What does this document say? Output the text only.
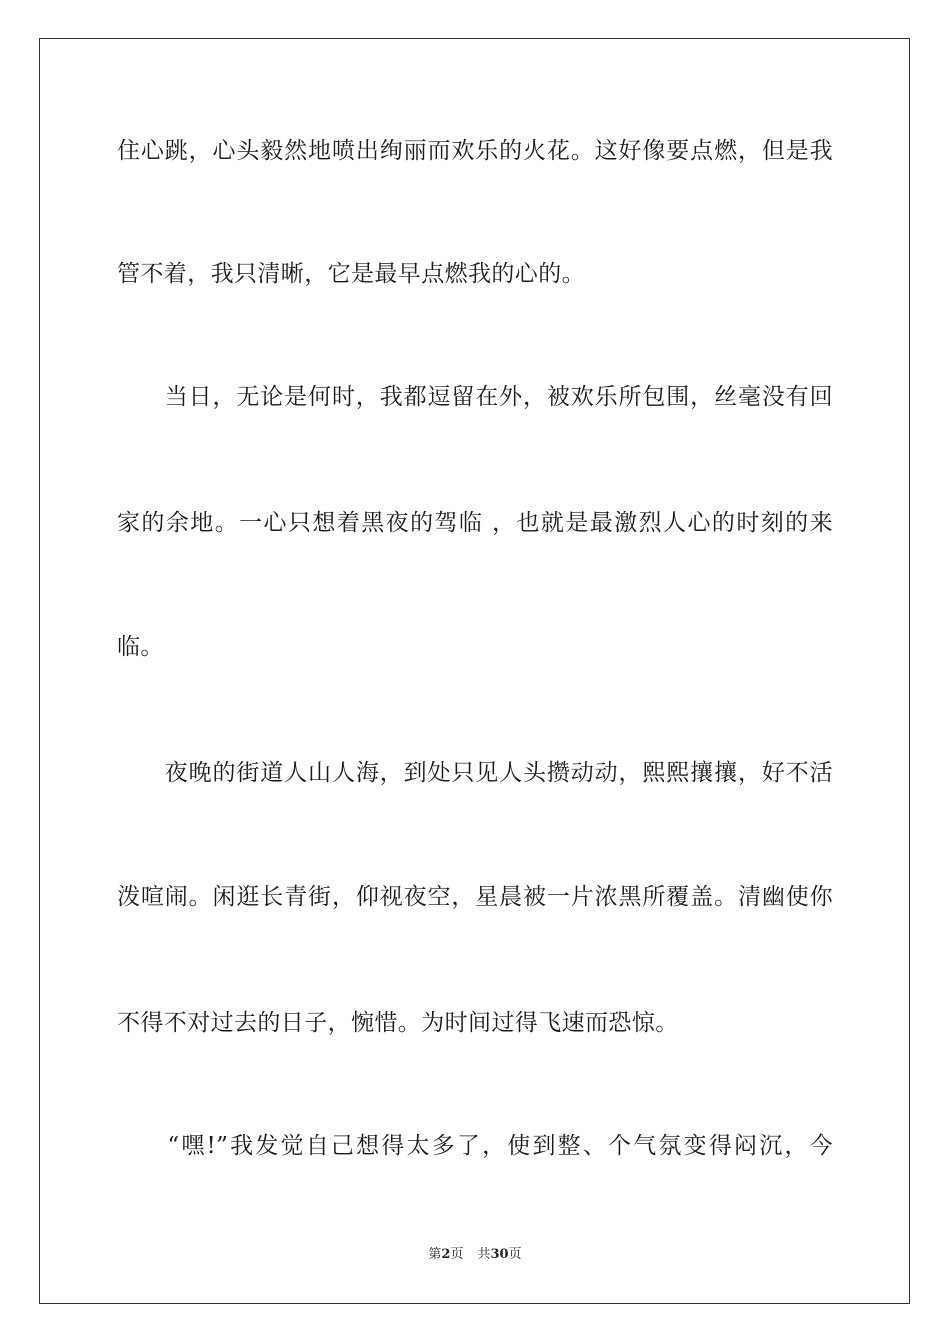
住心跳，心头毅然地喷出绚丽而欢乐的火花。这好像要点燃，但是我
管不着，我只清晰，它是最早点燃我的心的。
　　当日，无论是何时，我都逗留在外，被欢乐所包围，丝毫没有回
家的余地。一心只想着黑夜的驾临 ，也就是最激烈人心的时刻的来
临。
　　夜晚的街道人山人海，到处只见人头攒动动，熙熙攘攘，好不活
泼喧闹。闲逛长青街，仰视夜空，星晨被一片浓黑所覆盖。清幽使你
不得不对过去的日子，惋惜。为时间过得飞速而恐惊。
　　“嘿!”我发觉自己想得太多了，使到整、个气氛变得闷沉，今
第2页 共30页
